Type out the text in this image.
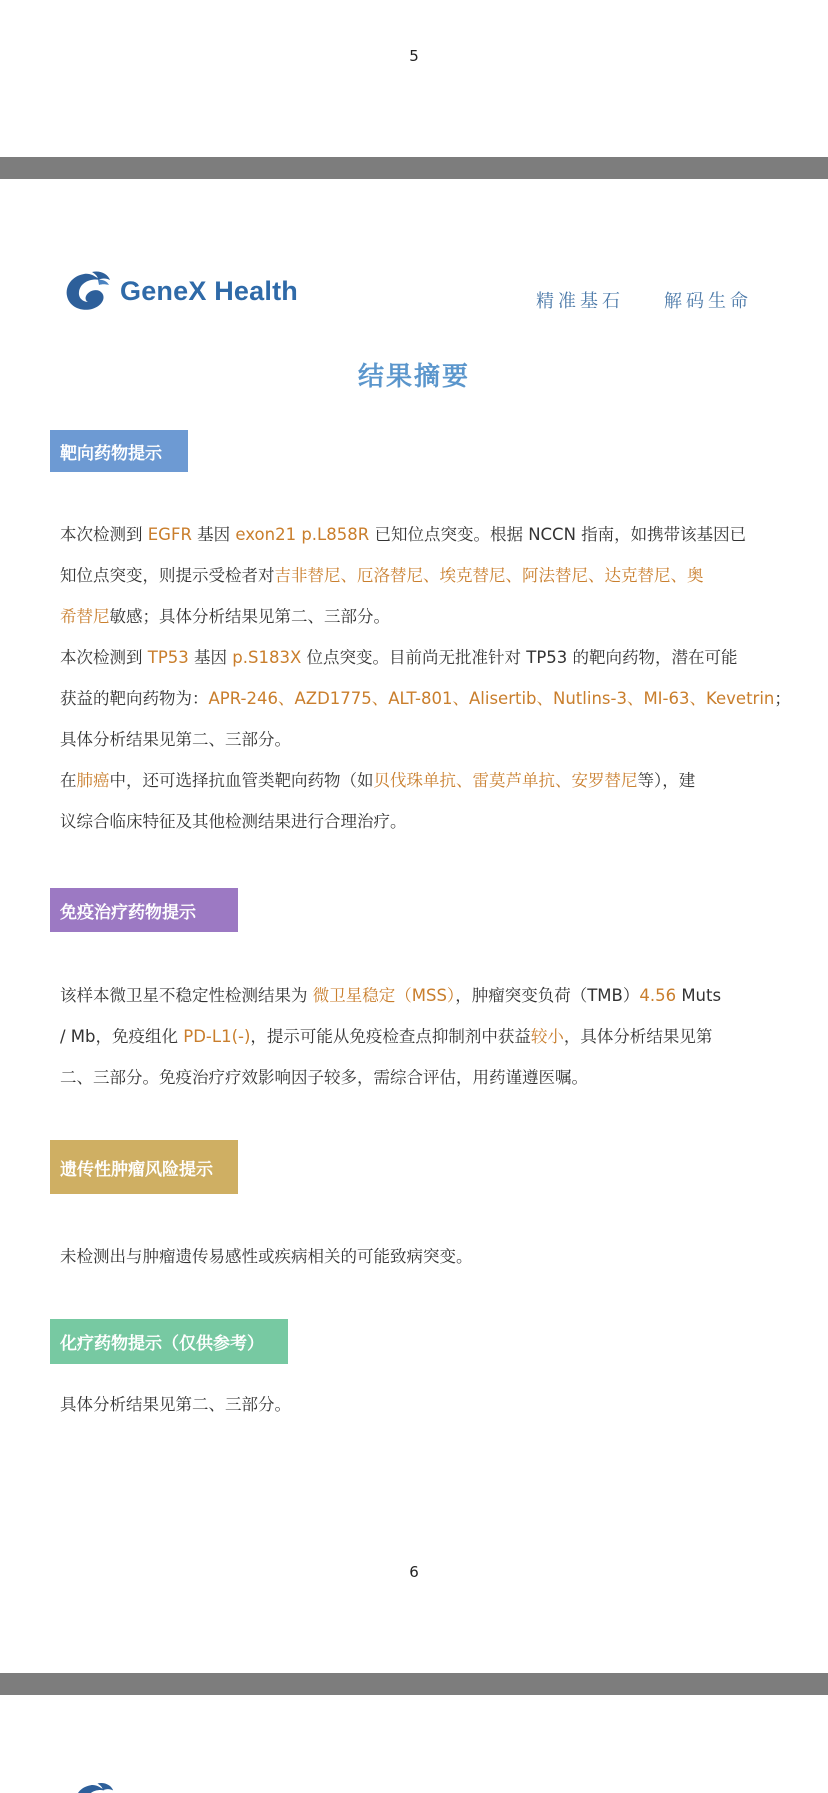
5
GeneX Health	精准基石 解码生命
结果摘要
靶向药物提示
免疫治疗药物提示
遗传性肿瘤风险提示
化疗药物提示（仅供参考）
本次检测到 EGFR 基因 exon21 p.L858R 已知位点突变。根据 NCCN 指南，如携带该基因已
知位点突变，则提示受检者对吉非替尼、厄洛替尼、埃克替尼、阿法替尼、达克替尼、奥
希替尼敏感；具体分析结果见第二、三部分。
本次检测到 TP53 基因 p.S183X 位点突变。目前尚无批准针对 TP53 的靶向药物，潜在可能
获益的靶向药物为：APR-246、AZD1775、ALT-801、Alisertib、Nutlins-3、MI-63、Kevetrin；
具体分析结果见第二、三部分。
在肺癌中，还可选择抗血管类靶向药物（如贝伐珠单抗、雷莫芦单抗、安罗替尼等），建
议综合临床特征及其他检测结果进行合理治疗。
该样本微卫星不稳定性检测结果为 微卫星稳定（MSS），肿瘤突变负荷（TMB）4.56 Muts
/ Mb，免疫组化 PD-L1(-)，提示可能从免疫检查点抑制剂中获益较小，具体分析结果见第
二、三部分。免疫治疗疗效影响因子较多，需综合评估，用药谨遵医嘱。
未检测出与肿瘤遗传易感性或疾病相关的可能致病突变。
具体分析结果见第二、三部分。
6
